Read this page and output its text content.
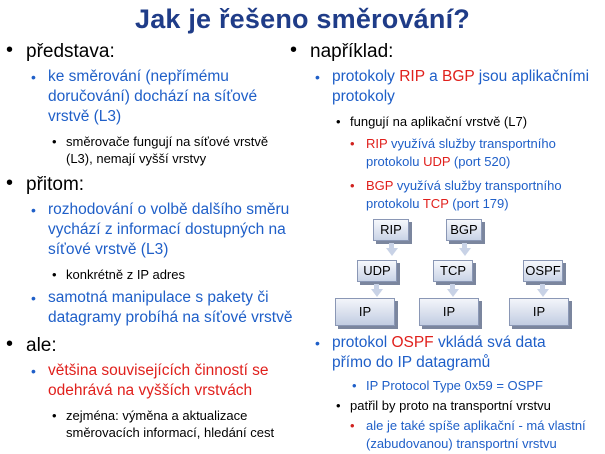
Jak je řešeno směrování?
• představa:
• ke směrování (nepřímému doručování) dochází na síťové vrstvě (L3)
• směrovače fungují na síťové vrstvě (L3), nemají vyšší vrstvy
• přitom:
• rozhodování o volbě dalšího směru vychází z informací dostupných na síťové vrstvě (L3)
• konkrétně z IP adres
• samotná manipulace s pakety či datagramy probíhá na síťové vrstvě
• ale:
• většina souvisejících činností se odehrává na vyšších vrstvách
• zejména: výměna a aktualizace směrovacích informací, hledání cest
• například:
• protokoly RIP a BGP jsou aplikačními protokoly
• fungují na aplikační vrstvě (L7)
• RIP využívá služby transportního protokolu UDP (port 520)
• BGP využívá služby transportního protokolu TCP (port 179)
RIP	BGP
UDP	TCP	OSPF
IP	IP	IP
• protokol OSPF vkládá svá data přímo do IP datagramů
• IP Protocol Type 0x59 = OSPF
• patřil by proto na transportní vrstvu
• ale je také spíše aplikační - má vlastní (zabudovanou) transportní vrstvu
